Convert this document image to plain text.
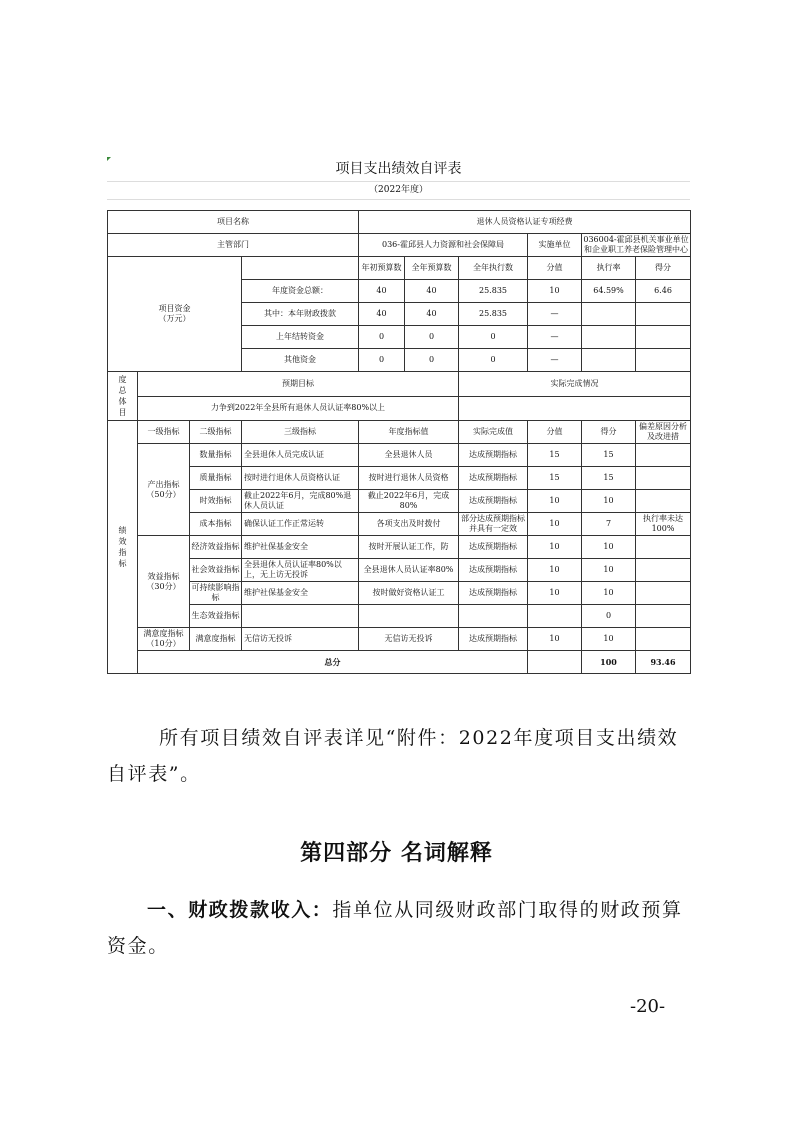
项目支出绩效自评表
（2022年度）
项目名称				退休人员资格认证专项经费						
主管部门				036-霍邱县人力资源和社会保障局			实施单位	036004-霍邱县机关事业单位和企业职工养老保险管理中心		

项目资金（万元）				年初预算数	全年预算数	全年执行数	分值	执行率	得分	
			年度资金总额：	40	40	25.835	10	64.59%	6.46	
			其中：本年财政拨款	40	40	25.835	—			
			上年结转资金	0	0	0	—			
			其他资金	0	0	0	—			

度总体目	预期目标					实际完成情况				
	力争到2022年全县所有退休人员认证率80%以上									

绩效指标	一级指标	二级指标	三级指标	年度指标值		实际完成值	分值	得分	偏差原因分析及改进措	
	产出指标（50分）	数量指标	全县退休人员完成认证	全县退休人员		达成预期指标	15	15		
		质量指标	按时进行退休人员资格认证	按时进行退休人员资格		达成预期指标	15	15		
		时效指标	截止2022年6月，完成80%退休人员认证	截止2022年6月，完成80%		达成预期指标	10	10		
		成本指标	确保认证工作正常运转	各项支出及时拨付		部分达成预期指标并具有一定效	10	7	执行率未达100%	
	效益指标（30分）	经济效益指标	维护社保基金安全	按时开展认证工作，防		达成预期指标	10	10		
		社会效益指标	全县退休人员认证率80%以上，无上访无投诉	全县退休人员认证率80%		达成预期指标	10	10		
		可持续影响指标	维护社保基金安全	按时做好资格认证工		达成预期指标	10	10		
		生态效益指标						0		
	满意度指标（10分）	满意度指标	无信访无投诉	无信访无投诉		达成预期指标	10	10		
	总分							100	93.46	
所有项目绩效自评表详见“附件：2022年度项目支出绩效自评表”。
第四部分 名词解释
一、财政拨款收入：指单位从同级财政部门取得的财政预算资金。
-20-
